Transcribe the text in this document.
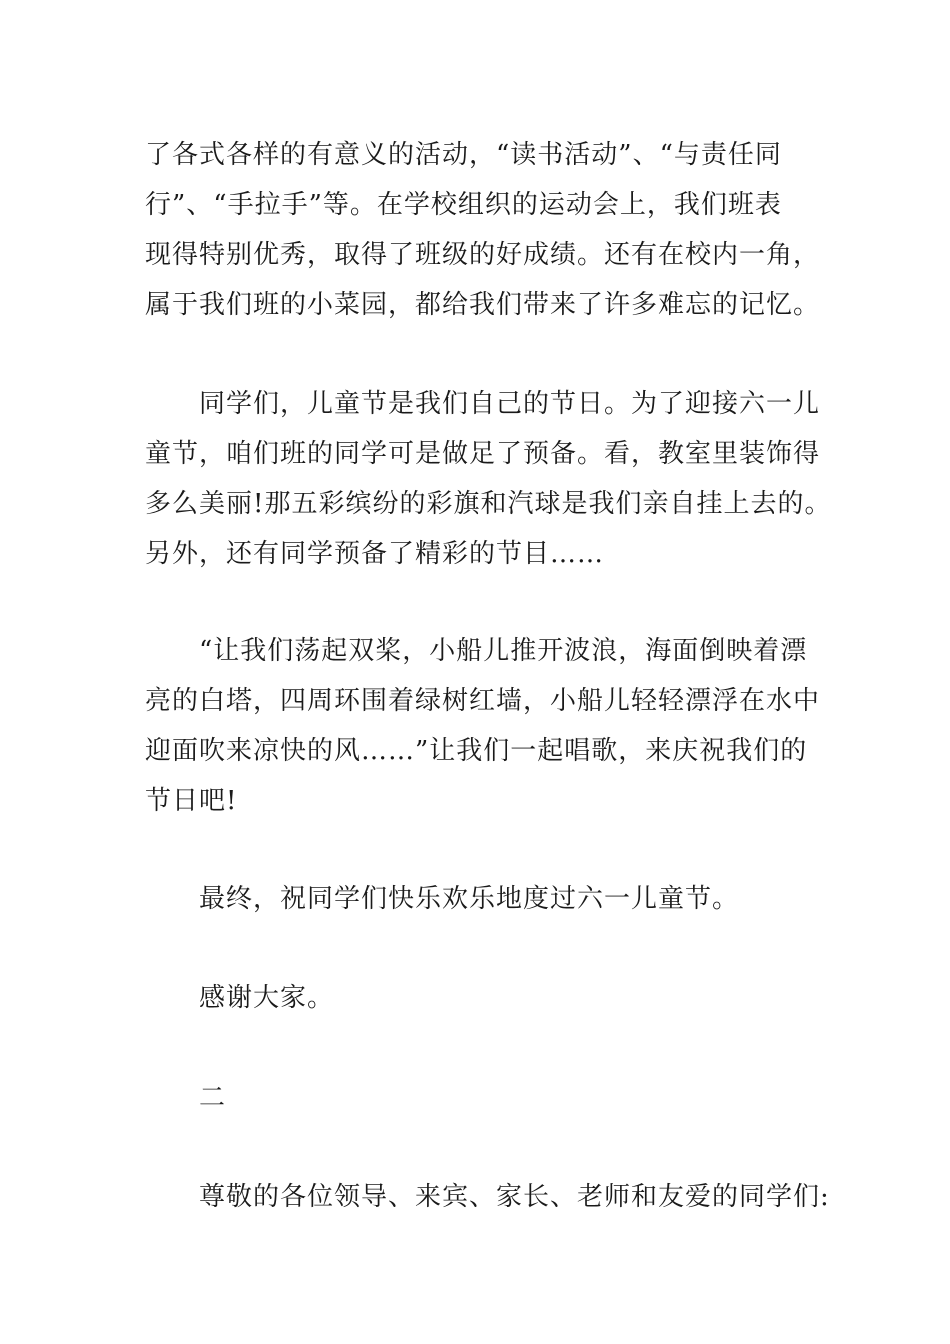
了各式各样的有意义的活动，“读书活动”、“与责任同
行”、“手拉手”等。在学校组织的运动会上，我们班表
现得特别优秀，取得了班级的好成绩。还有在校内一角，
属于我们班的小菜园，都给我们带来了许多难忘的记忆。

同学们，儿童节是我们自己的节日。为了迎接六一儿
童节，咱们班的同学可是做足了预备。看，教室里装饰得
多么美丽!那五彩缤纷的彩旗和汽球是我们亲自挂上去的。
另外，还有同学预备了精彩的节目……

“让我们荡起双桨，小船儿推开波浪，海面倒映着漂
亮的白塔，四周环围着绿树红墙，小船儿轻轻漂浮在水中
迎面吹来凉快的风……”让我们一起唱歌，来庆祝我们的
节日吧!

最终，祝同学们快乐欢乐地度过六一儿童节。

感谢大家。

二

尊敬的各位领导、来宾、家长、老师和友爱的同学们:
